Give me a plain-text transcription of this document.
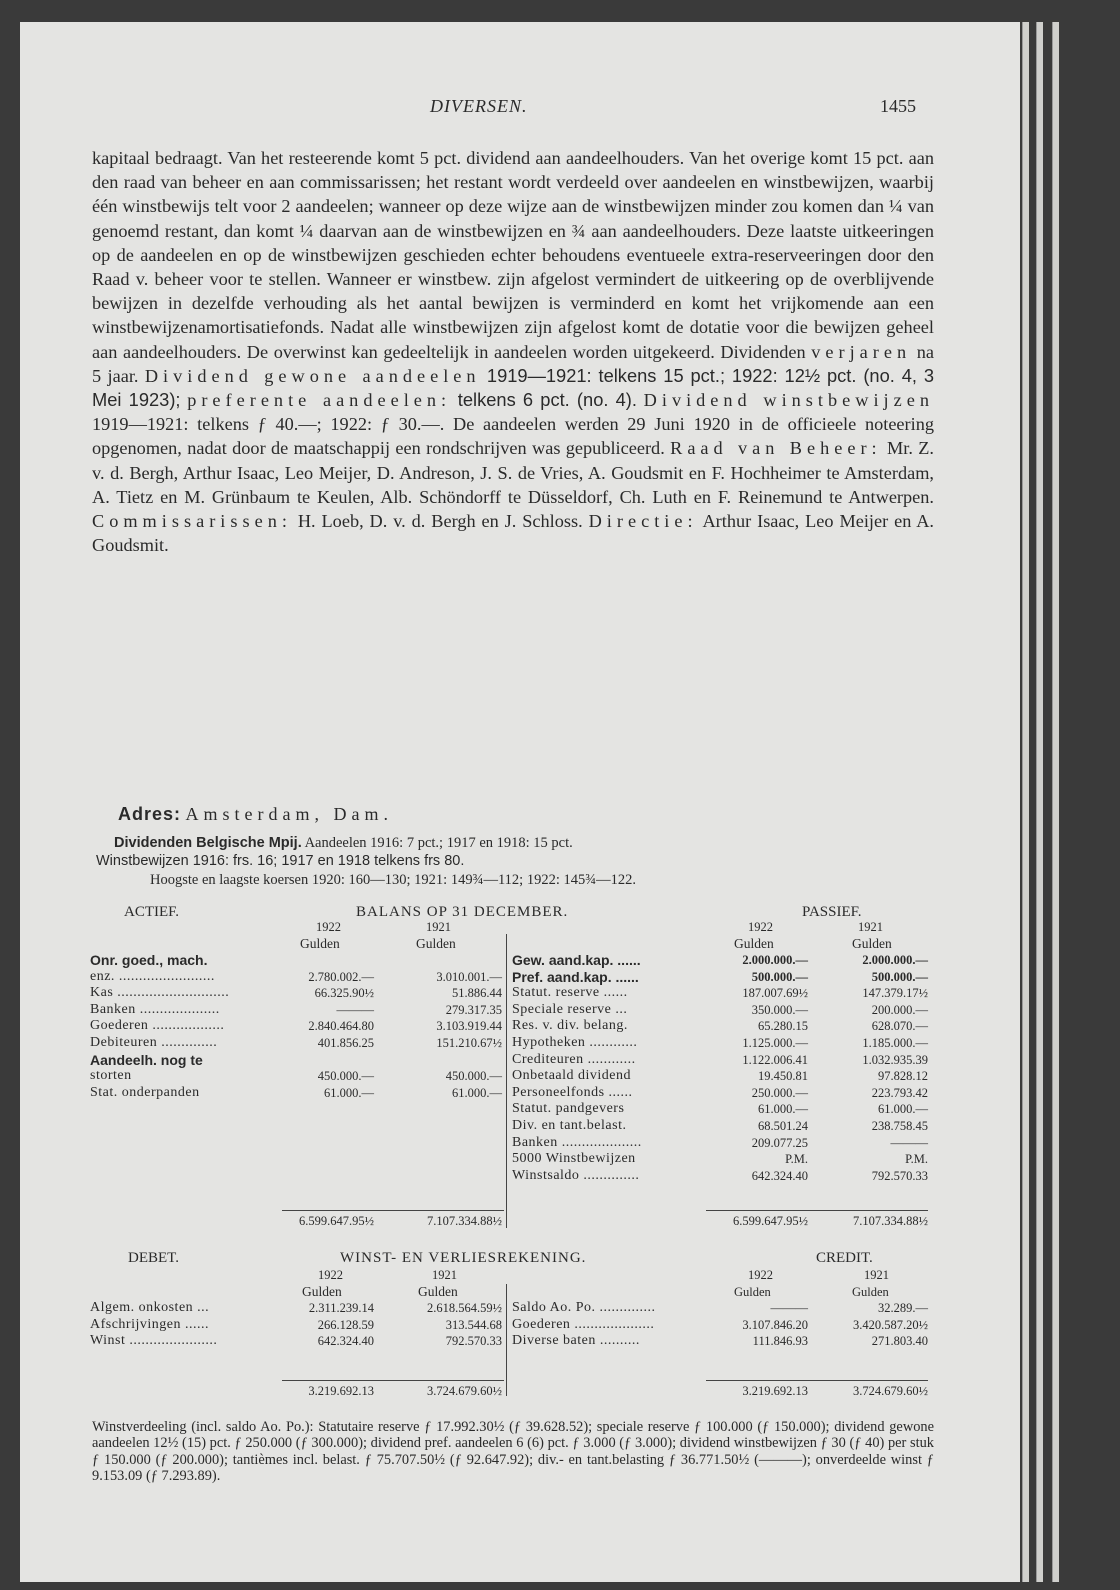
DIVERSEN.	1455

kapitaal bedraagt. Van het resteerende komt 5 pct. dividend aan aandeelhouders. Van het overige komt 15 pct. aan den raad van beheer en aan commissarissen; het restant wordt verdeeld over aandeelen en winstbewijzen, waarbij één winstbewijs telt voor 2 aandeelen; wanneer op deze wijze aan de winstbewijzen minder zou komen dan ¼ van genoemd restant, dan komt ¼ daarvan aan de winstbewijzen en ¾ aan aandeelhouders. Deze laatste uitkeeringen op de aandeelen en op de winstbewijzen geschieden echter behoudens eventueele extra-reserveeringen door den Raad v. beheer voor te stellen. Wanneer er winstbew. zijn afgelost vermindert de uitkeering op de overblijvende bewijzen in dezelfde verhouding als het aantal bewijzen is verminderd en komt het vrijkomende aan een winstbewijzenamortisatiefonds. Nadat alle winstbewijzen zijn afgelost komt de dotatie voor die bewijzen geheel aan aandeelhouders. De overwinst kan gedeeltelijk in aandeelen worden uitgekeerd. Dividenden verjaren na 5 jaar. Dividend gewone aandeelen 1919—1921: telkens 15 pct.; 1922: 12½ pct. (no. 4, 3 Mei 1923); preferente aandeelen: telkens 6 pct. (no. 4). Dividend winstbewijzen 1919—1921: telkens ƒ 40.—; 1922: ƒ 30.—. De aandeelen werden 29 Juni 1920 in de officieele noteering opgenomen, nadat door de maatschappij een rondschrijven was gepubliceerd. Raad van Beheer: Mr. Z. v. d. Bergh, Arthur Isaac, Leo Meijer, D. Andreson, J. S. de Vries, A. Goudsmit en F. Hochheimer te Amsterdam, A. Tietz en M. Grünbaum te Keulen, Alb. Schöndorff te Düsseldorf, Ch. Luth en F. Reinemund te Antwerpen. Commissarissen: H. Loeb, D. v. d. Bergh en J. Schloss. Directie: Arthur Isaac, Leo Meijer en A. Goudsmit.

Adres: Amsterdam, Dam.

Dividenden Belgische Mpij. Aandeelen 1916: 7 pct.; 1917 en 1918: 15 pct.

Winstbewijzen 1916: frs. 16; 1917 en 1918 telkens frs 80.

Hoogste en laagste koersen 1920: 160—130; 1921: 149¾—112; 1922: 145¾—122.
ACTIEF.	BALANS OP 31 DECEMBER.	PASSIEF.
1922	1921	1922	1921
Gulden	Gulden	Gulden	Gulden
Onr. goed., mach.
enz. ........................	2.780.002.—	3.010.001.—
Kas ............................	66.325.90½	51.886.44
Banken ....................	———	279.317.35
Goederen ..................	2.840.464.80	3.103.919.44
Debiteuren ..............	401.856.25	151.210.67½
Aandeelh. nog te
storten	450.000.—	450.000.—
Stat. onderpanden	61.000.—	61.000.—
Gew. aand.kap. ......	2.000.000.—	2.000.000.—
Pref. aand.kap. ......	500.000.—	500.000.—
Statut. reserve ......	187.007.69½	147.379.17½
Speciale reserve ...	350.000.—	200.000.—
Res. v. div. belang.	65.280.15	628.070.—
Hypotheken ............	1.125.000.—	1.185.000.—
Crediteuren ............	1.122.006.41	1.032.935.39
Onbetaald dividend	19.450.81	97.828.12
Personeelfonds ......	250.000.—	223.793.42
Statut. pandgevers	61.000.—	61.000.—
Div. en tant.belast.	68.501.24	238.758.45
Banken ....................	209.077.25	———
5000 Winstbewijzen	P.M.	P.M.
Winstsaldo ..............	642.324.40	792.570.33
6.599.647.95½	7.107.334.88½	6.599.647.95½	7.107.334.88½
DEBET.	WINST- EN VERLIESREKENING.	CREDIT.
1922	1921	1922	1921
Gulden	Gulden	Gulden	Gulden
Algem. onkosten ...	2.311.239.14	2.618.564.59½
Afschrijvingen ......	266.128.59	313.544.68
Winst ......................	642.324.40	792.570.33
Saldo Ao. Po. ..............	———	32.289.—
Goederen ....................	3.107.846.20	3.420.587.20½
Diverse baten ..........	111.846.93	271.803.40
3.219.692.13	3.724.679.60½	3.219.692.13	3.724.679.60½

Winstverdeeling (incl. saldo Ao. Po.): Statutaire reserve ƒ 17.992.30½ (ƒ 39.628.52); speciale reserve ƒ 100.000 (ƒ 150.000); dividend gewone aandeelen 12½ (15) pct. ƒ 250.000 (ƒ 300.000); dividend pref. aandeelen 6 (6) pct. ƒ 3.000 (ƒ 3.000); dividend winstbewijzen ƒ 30 (ƒ 40) per stuk ƒ 150.000 (ƒ 200.000); tantièmes incl. belast. ƒ 75.707.50½ (ƒ 92.647.92); div.- en tant.belasting ƒ 36.771.50½ (———); onverdeelde winst ƒ 9.153.09 (ƒ 7.293.89).
